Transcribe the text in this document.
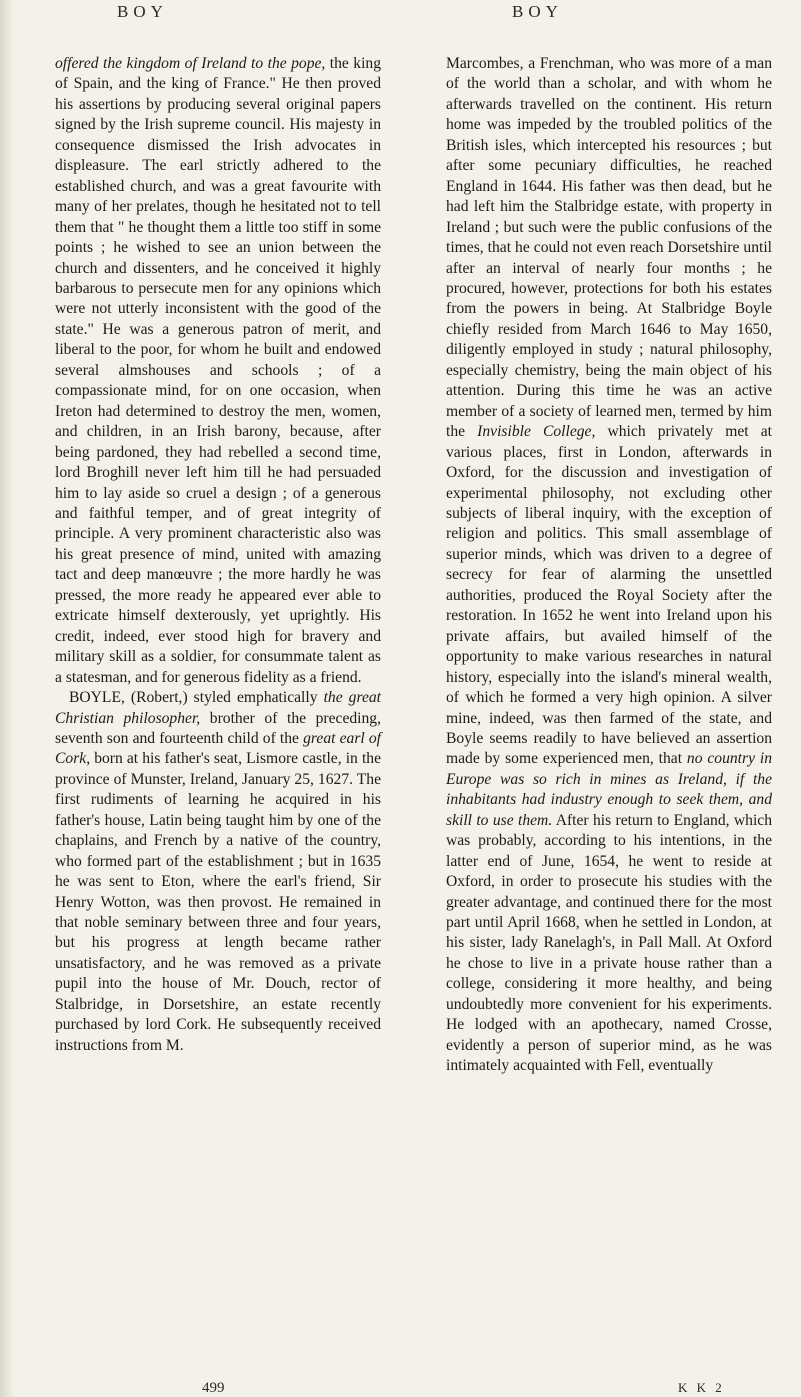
BOY	BOY

offered the kingdom of Ireland to the pope, the king of Spain, and the king of France." He then proved his assertions by producing several original papers signed by the Irish supreme council. His majesty in consequence dismissed the Irish advocates in displeasure. The earl strictly adhered to the established church, and was a great favourite with many of her prelates, though he hesitated not to tell them that " he thought them a little too stiff in some points ; he wished to see an union between the church and dissenters, and he conceived it highly barbarous to persecute men for any opinions which were not utterly inconsistent with the good of the state." He was a generous patron of merit, and liberal to the poor, for whom he built and endowed several almshouses and schools ; of a compassionate mind, for on one occasion, when Ireton had determined to destroy the men, women, and children, in an Irish barony, because, after being pardoned, they had rebelled a second time, lord Broghill never left him till he had persuaded him to lay aside so cruel a design ; of a generous and faithful temper, and of great integrity of principle. A very prominent characteristic also was his great presence of mind, united with amazing tact and deep manœuvre ; the more hardly he was pressed, the more ready he appeared ever able to extricate himself dexterously, yet uprightly. His credit, indeed, ever stood high for bravery and military skill as a soldier, for consummate talent as a statesman, and for generous fidelity as a friend.

BOYLE, (Robert,) styled emphatically the great Christian philosopher, brother of the preceding, seventh son and fourteenth child of the great earl of Cork, born at his father's seat, Lismore castle, in the province of Munster, Ireland, January 25, 1627. The first rudiments of learning he acquired in his father's house, Latin being taught him by one of the chaplains, and French by a native of the country, who formed part of the establishment ; but in 1635 he was sent to Eton, where the earl's friend, Sir Henry Wotton, was then provost. He remained in that noble seminary between three and four years, but his progress at length became rather unsatisfactory, and he was removed as a private pupil into the house of Mr. Douch, rector of Stalbridge, in Dorsetshire, an estate recently purchased by lord Cork. He subsequently received instructions from M.

Marcombes, a Frenchman, who was more of a man of the world than a scholar, and with whom he afterwards travelled on the continent. His return home was impeded by the troubled politics of the British isles, which intercepted his resources ; but after some pecuniary difficulties, he reached England in 1644. His father was then dead, but he had left him the Stalbridge estate, with property in Ireland ; but such were the public confusions of the times, that he could not even reach Dorsetshire until after an interval of nearly four months ; he procured, however, protections for both his estates from the powers in being. At Stalbridge Boyle chiefly resided from March 1646 to May 1650, diligently employed in study ; natural philosophy, especially chemistry, being the main object of his attention. During this time he was an active member of a society of learned men, termed by him the Invisible College, which privately met at various places, first in London, afterwards in Oxford, for the discussion and investigation of experimental philosophy, not excluding other subjects of liberal inquiry, with the exception of religion and politics. This small assemblage of superior minds, which was driven to a degree of secrecy for fear of alarming the unsettled authorities, produced the Royal Society after the restoration. In 1652 he went into Ireland upon his private affairs, but availed himself of the opportunity to make various researches in natural history, especially into the island's mineral wealth, of which he formed a very high opinion. A silver mine, indeed, was then farmed of the state, and Boyle seems readily to have believed an assertion made by some experienced men, that no country in Europe was so rich in mines as Ireland, if the inhabitants had industry enough to seek them, and skill to use them. After his return to England, which was probably, according to his intentions, in the latter end of June, 1654, he went to reside at Oxford, in order to prosecute his studies with the greater advantage, and continued there for the most part until April 1668, when he settled in London, at his sister, lady Ranelagh's, in Pall Mall. At Oxford he chose to live in a private house rather than a college, considering it more healthy, and being undoubtedly more convenient for his experiments. He lodged with an apothecary, named Crosse, evidently a person of superior mind, as he was intimately acquainted with Fell, eventually

499	K K 2
